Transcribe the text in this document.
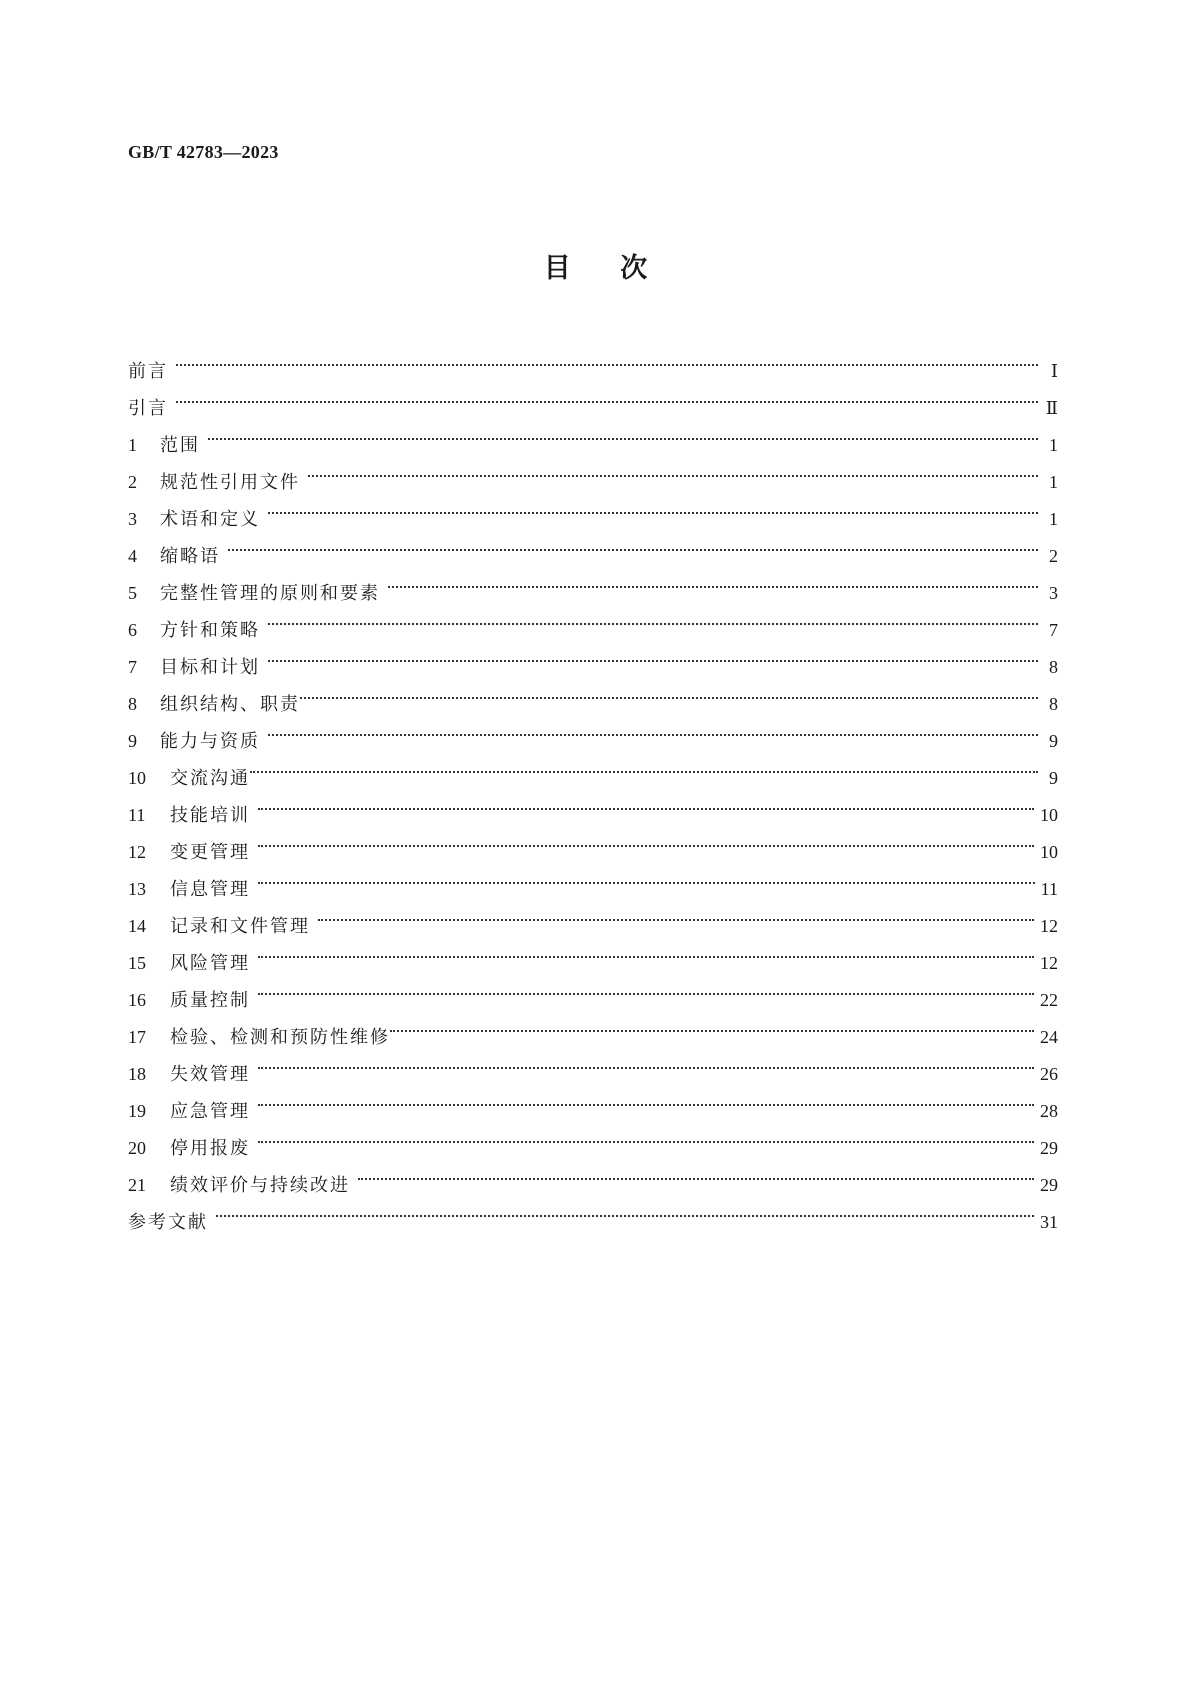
GB/T 42783—2023
目 次
前言	Ⅰ
引言	Ⅱ
1	范围	1
2	规范性引用文件	1
3	术语和定义	1
4	缩略语	2
5	完整性管理的原则和要素	3
6	方针和策略	7
7	目标和计划	8
8	组织结构、职责	8
9	能力与资质	9
10	交流沟通	9
11	技能培训	10
12	变更管理	10
13	信息管理	11
14	记录和文件管理	12
15	风险管理	12
16	质量控制	22
17	检验、检测和预防性维修	24
18	失效管理	26
19	应急管理	28
20	停用报废	29
21	绩效评价与持续改进	29
参考文献	31
